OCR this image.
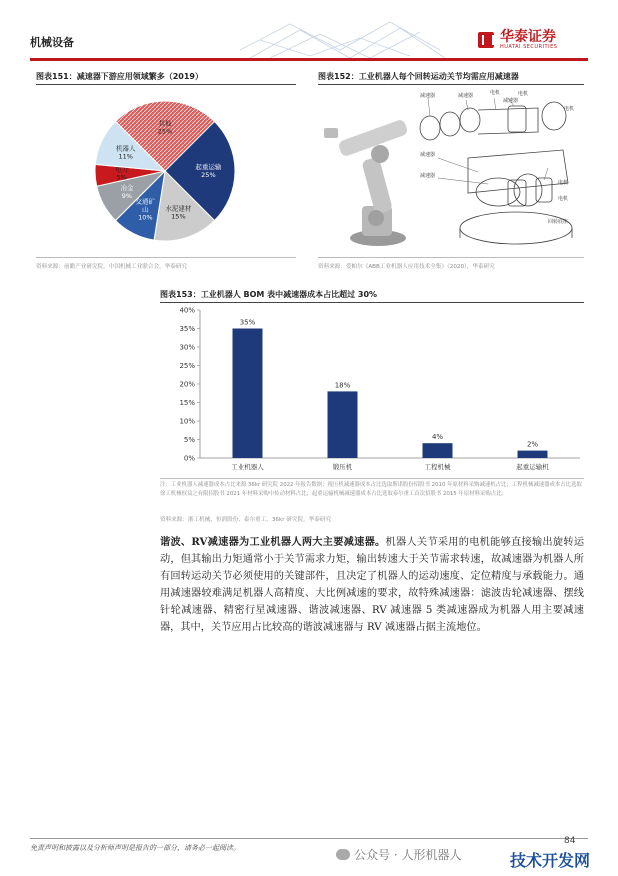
机械设备	华泰证券
HUATAI SECURITIES
图表151：减速器下游应用领域繁多（2019）
其他 25%
起重运输 25%
水泥建材 15%
交通矿山 10%
冶金 9%
电力 5%
机器人 11%
资料来源：前瞻产业研究院，中国机械工业联合会，华泰研究
图表152：工业机器人每个回转运动关节均需应用减速器
减速器	减速器	电机
减速器
电机
减速器
电机
电机
减速器
电机
回转底座
资料来源：爱帕尔《ABB工业机器人应用技术全集》（2020），华泰研究
图表153：工业机器人 BOM 表中减速器成本占比超过 30%
0%
5%
10%
15%
20%
25%
30%
35%
40%
35%
工业机器人
18%
锻压机
4%
工程机械
2%
起重运输机
注：工业机器人减速器成本占比来源 36kr 研究院 2022 年报告数据；视压机减速器成本占比选取斯诺股份招股书 2010 年原材料采购减速机占比；工程机械减速器成本占比选取徐工机械权益之有限招股书 2021 年材料采购中传动材料占比；起重运输机械减速器成本占比选取泰尔重工首次招股书 2015 年原材料采购占比；
资料来源：浙工机械，恒润股份，泰尔重工，36kr 研究院，华泰研究
谐波、RV减速器为工业机器人两大主要减速器。机器人关节采用的电机能够直接输出旋转运动，但其输出力矩通常小于关节需求力矩，输出转速大于关节需求转速，故减速器为机器人所有回转运动关节必须使用的关键部件，且决定了机器人的运动速度、定位精度与承载能力。通用减速器较难满足机器人高精度、大比例减速的要求，故特殊减速器：滤波齿轮减速器、摆线针轮减速器、精密行星减速器、谐波减速器、RV 减速器 5 类减速器成为机器人用主要减速器，其中，关节应用占比较高的谐波减速器与 RV 减速器占据主流地位。
免责声明和披露以及分析师声明是报告的一部分，请务必一起阅读。
84
公众号 · 人形机器人	技术开发网
